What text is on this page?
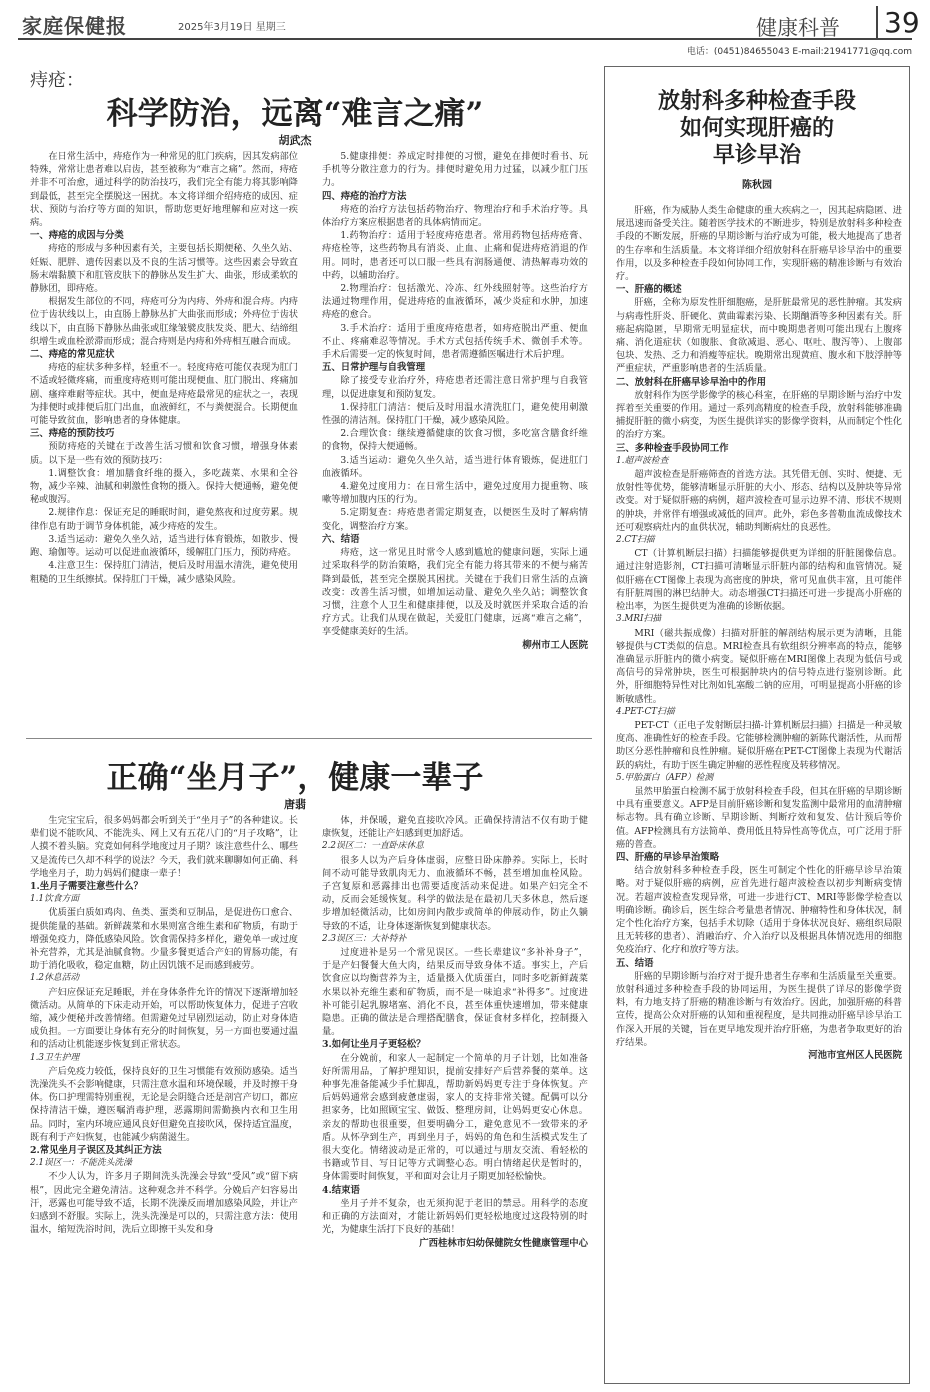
家庭保健报	2025年3月19日 星期三	健康科普 39
电话：(0451)84655043 E-mail:21941771@qq.com
痔疮：
科学防治，远离“难言之痛”
胡武杰

在日常生活中，痔疮作为一种常见的肛门疾病，因其发病部位特殊，常常让患者难以启齿，甚至被称为“难言之痛”。然而，痔疮并非不可治愈，通过科学的防治技巧，我们完全有能力将其影响降到最低，甚至完全摆脱这一困扰。本文将详细介绍痔疮的成因、症状、预防与治疗等方面的知识，帮助您更好地理解和应对这一疾病。

一、痔疮的成因与分类

痔疮的形成与多种因素有关，主要包括长期便秘、久坐久站、妊娠、肥胖、遗传因素以及不良的生活习惯等。这些因素会导致直肠末端黏膜下和肛管皮肤下的静脉丛发生扩大、曲张，形成柔软的静脉团，即痔疮。

根据发生部位的不同，痔疮可分为内痔、外痔和混合痔。内痔位于齿状线以上，由直肠上静脉丛扩大曲张而形成；外痔位于齿状线以下，由直肠下静脉丛曲张或肛缘皱襞皮肤发炎、肥大、结缔组织增生或血栓淤滞而形成；混合痔则是内痔和外痔相互融合而成。

二、痔疮的常见症状

痔疮的症状多种多样，轻重不一。轻度痔疮可能仅表现为肛门不适或轻微疼痛，而重度痔疮则可能出现便血、肛门脱出、疼痛加剧、瘙痒难耐等症状。其中，便血是痔疮最常见的症状之一，表现为排便时或排便后肛门出血，血液鲜红，不与粪便混合。长期便血可能导致贫血，影响患者的身体健康。

三、痔疮的预防技巧

预防痔疮的关键在于改善生活习惯和饮食习惯，增强身体素质。以下是一些有效的预防技巧：

1.调整饮食：增加膳食纤维的摄入，多吃蔬菜、水果和全谷物，减少辛辣、油腻和刺激性食物的摄入。保持大便通畅，避免便秘或腹泻。

2.规律作息：保证充足的睡眠时间，避免熬夜和过度劳累。规律作息有助于调节身体机能，减少痔疮的发生。

3.适当运动：避免久坐久站，适当进行体育锻炼，如散步、慢跑、瑜伽等。运动可以促进血液循环，缓解肛门压力，预防痔疮。

4.注意卫生：保持肛门清洁，便后及时用温水清洗，避免使用粗糙的卫生纸擦拭。保持肛门干燥，减少感染风险。

5.健康排便：养成定时排便的习惯，避免在排便时看书、玩手机等分散注意力的行为。排便时避免用力过猛，以减少肛门压力。

四、痔疮的治疗方法

痔疮的治疗方法包括药物治疗、物理治疗和手术治疗等。具体治疗方案应根据患者的具体病情而定。

1.药物治疗：适用于轻度痔疮患者。常用药物包括痔疮膏、痔疮栓等，这些药物具有消炎、止血、止痛和促进痔疮消退的作用。同时，患者还可以口服一些具有润肠通便、清热解毒功效的中药，以辅助治疗。

2.物理治疗：包括激光、冷冻、红外线照射等。这些治疗方法通过物理作用，促进痔疮的血液循环，减少炎症和水肿，加速痔疮的愈合。

3.手术治疗：适用于重度痔疮患者，如痔疮脱出严重、便血不止、疼痛难忍等情况。手术方式包括传统手术、微创手术等。手术后需要一定的恢复时间，患者需遵循医嘱进行术后护理。

五、日常护理与自我管理

除了接受专业治疗外，痔疮患者还需注意日常护理与自我管理，以促进康复和预防复发。

1.保持肛门清洁：便后及时用温水清洗肛门，避免使用刺激性强的清洁剂。保持肛门干燥，减少感染风险。

2.合理饮食：继续遵循健康的饮食习惯，多吃富含膳食纤维的食物，保持大便通畅。

3.适当运动：避免久坐久站，适当进行体育锻炼，促进肛门血液循环。

4.避免过度用力：在日常生活中，避免过度用力提重物、咳嗽等增加腹内压的行为。

5.定期复查：痔疮患者需定期复查，以便医生及时了解病情变化，调整治疗方案。

六、结语

痔疮，这一常见且时常令人感到尴尬的健康问题，实际上通过采取科学的防治策略，我们完全有能力将其带来的不便与痛苦降到最低，甚至完全摆脱其困扰。关键在于我们日常生活的点滴改变：改善生活习惯，如增加运动量、避免久坐久站；调整饮食习惯，注意个人卫生和健康排便，以及及时就医并采取合适的治疗方式。让我们从现在做起，关爱肛门健康，远离“难言之痛”，享受健康美好的生活。

柳州市工人医院
正确“坐月子”，健康一辈子
唐翡

生完宝宝后，很多妈妈都会听到关于“坐月子”的各种建议。长辈们说不能吹风、不能洗头、网上又有五花八门的“月子攻略”，让人摸不着头脑。究竟如何科学地度过月子期？该注意些什么、哪些又是流传已久却不科学的说法？今天，我们就来聊聊如何正确、科学地坐月子，助力妈妈们健康一辈子！

1.坐月子需要注意些什么？
1.1饮食方面

优质蛋白质如鸡肉、鱼类、蛋类和豆制品，是促进伤口愈合、提供能量的基础。新鲜蔬菜和水果则富含维生素和矿物质，有助于增强免疫力，降低感染风险。饮食需保持多样化，避免单一或过度补充营养，尤其是油腻食物。少量多餐更适合产妇的胃肠功能，有助于消化吸收，稳定血糖，防止因饥饿不足而感到疲劳。

1.2休息活动

产妇应保证充足睡眠，并在身体条件允许的情况下逐渐增加轻微活动。从简单的下床走动开始，可以帮助恢复体力，促进子宫收缩，减少便秘并改善情绪。但需避免过早剧烈运动，防止对身体造成负担。一方面要让身体有充分的时间恢复，另一方面也要通过温和的活动让机能逐步恢复到正常状态。

1.3卫生护理

产后免疫力较低，保持良好的卫生习惯能有效预防感染。适当洗澡洗头不会影响健康，只需注意水温和环境保暖，并及时擦干身体。伤口护理需特别重视，无论是会阴缝合还是剖宫产切口，都应保持清洁干燥，遵医嘱消毒护理，恶露期间需勤换内衣和卫生用品。同时，室内环境应通风良好但避免直接吹风，保持适宜温度，既有利于产妇恢复，也能减少病菌滋生。

2.常见坐月子误区及其纠正方法
2.1误区一：不能洗头洗澡

不少人认为，许多月子期间洗头洗澡会导致“受风”或“留下病根”，因此完全避免清洁。这种观念并不科学。分娩后产妇容易出汗，恶露也可能导致不适，长期不洗澡反而增加感染风险，并让产妇感到不舒服。实际上，洗头洗澡是可以的，只需注意方法：使用温水，缩短洗浴时间，洗后立即擦干头发和身

体，并保暖，避免直接吹冷风。正确保持清洁不仅有助于健康恢复，还能让产妇感到更加舒适。

2.2误区二：一直卧床休息

很多人以为产后身体虚弱，应整日卧床静养。实际上，长时间不动可能导致肌肉无力、血液循环不畅，甚至增加血栓风险。子宫复原和恶露排出也需要适度活动来促进。如果产妇完全不动，反而会延缓恢复。科学的做法是在最初几天多休息，然后逐步增加轻微活动，比如房间内散步或简单的伸展动作，防止久躺导致的不适，让身体逐渐恢复到健康状态。

2.3误区三：大补特补

过度进补是另一个常见误区。一些长辈建议“多补补身子”，于是产妇餐餐大鱼大肉，结果反而导致身体不适。事实上，产后饮食应以均衡营养为主，适量摄入优质蛋白，同时多吃新鲜蔬菜水果以补充维生素和矿物质，而不是一味追求“补得多”。过度进补可能引起乳腺堵塞、消化不良，甚至体重快速增加，带来健康隐患。正确的做法是合理搭配膳食，保证食材多样化，控制摄入量。

3.如何让坐月子更轻松？

在分娩前，和家人一起制定一个简单的月子计划，比如准备好所需用品，了解护理知识，提前安排好产后营养餐的菜单。这种事先准备能减少手忙脚乱，帮助新妈妈更专注于身体恢复。产后妈妈通常会感到疲惫虚弱，家人的支持非常关键。配偶可以分担家务，比如照顾宝宝、做饭、整理房间，让妈妈更安心休息。亲友的帮助也很重要，但要明确分工，避免意见不一致带来的矛盾。从怀孕到生产，再到坐月子，妈妈的角色和生活模式发生了很大变化。情绪波动是正常的，可以通过与朋友交流、看轻松的书籍或节目、写日记等方式调整心态。明白情绪起伏是暂时的，身体需要时间恢复，平和面对会让月子期更加轻松愉快。

4.结束语

坐月子并不复杂，也无须拘泥于老旧的禁忌。用科学的态度和正确的方法面对，才能让新妈妈们更轻松地度过这段特别的时光，为健康生活打下良好的基础！

广西桂林市妇幼保健院女性健康管理中心
放射科多种检查手段
如何实现肝癌的
早诊早治
陈秋园

肝癌，作为威胁人类生命健康的重大疾病之一，因其起病隐匿、进展迅速而备受关注。随着医学技术的不断进步，特别是放射科多种检查手段的不断发展，肝癌的早期诊断与治疗成为可能，极大地提高了患者的生存率和生活质量。本文将详细介绍放射科在肝癌早诊早治中的重要作用，以及多种检查手段如何协同工作，实现肝癌的精准诊断与有效治疗。

一、肝癌的概述

肝癌，全称为原发性肝细胞癌，是肝脏最常见的恶性肿瘤。其发病与病毒性肝炎、肝硬化、黄曲霉素污染、长期酗酒等多种因素有关。肝癌起病隐匿，早期常无明显症状，而中晚期患者则可能出现右上腹疼痛、消化道症状（如腹胀、食欲减退、恶心、呕吐、腹泻等）、上腹部包块、发热、乏力和消瘦等症状。晚期常出现黄疸、腹水和下肢浮肿等严重症状，严重影响患者的生活质量。

二、放射科在肝癌早诊早治中的作用

放射科作为医学影像学的核心科室，在肝癌的早期诊断与治疗中发挥着至关重要的作用。通过一系列高精度的检查手段，放射科能够准确捕捉肝脏的微小病变，为医生提供详实的影像学资料，从而制定个性化的治疗方案。

三、多种检查手段协同工作
1.超声波检查

超声波检查是肝癌筛查的首选方法。其凭借无创、实时、便捷、无放射性等优势，能够清晰显示肝脏的大小、形态、结构以及肿块等异常改变。对于疑似肝癌的病例，超声波检查可显示边界不清、形状不规则的肿块，并常伴有增强或减低的回声。此外，彩色多普勒血流成像技术还可观察病灶内的血供状况，辅助判断病灶的良恶性。

2.CT扫描

CT（计算机断层扫描）扫描能够提供更为详细的肝脏图像信息。通过注射造影剂，CT扫描可清晰显示肝脏内部的结构和血管情况。疑似肝癌在CT图像上表现为高密度的肿块，常可见血供丰富，且可能伴有肝脏周围的淋巴结肿大。动态增强CT扫描还可进一步提高小肝癌的检出率，为医生提供更为准确的诊断依据。

3.MRI扫描

MRI（磁共振成像）扫描对肝脏的解剖结构展示更为清晰，且能够提供与CT类似的信息。MRI检查具有软组织分辨率高的特点，能够准确显示肝脏内的微小病变。疑似肝癌在MRI图像上表现为低信号或高信号的异常肿块，医生可根据肿块内的信号特点进行鉴别诊断。此外，肝细胞特异性对比剂如钆塞酸二钠的应用，可明显提高小肝癌的诊断敏感性。

4.PET-CT扫描

PET-CT（正电子发射断层扫描-计算机断层扫描）扫描是一种灵敏度高、准确性好的检查手段。它能够检测肿瘤的新陈代谢活性，从而帮助区分恶性肿瘤和良性肿瘤。疑似肝癌在PET-CT图像上表现为代谢活跃的病灶，有助于医生确定肿瘤的恶性程度及转移情况。

5.甲胎蛋白（AFP）检测

虽然甲胎蛋白检测不属于放射科检查手段，但其在肝癌的早期诊断中具有重要意义。AFP是目前肝癌诊断和复发监测中最常用的血清肿瘤标志物。具有确立诊断、早期诊断、判断疗效和复发、估计预后等价值。AFP检测具有方法简单、费用低且特异性高等优点，可广泛用于肝癌的普查。

四、肝癌的早诊早治策略

结合放射科多种检查手段，医生可制定个性化的肝癌早诊早治策略。对于疑似肝癌的病例，应首先进行超声波检查以初步判断病变情况。若超声波检查发现异常，可进一步进行CT、MRI等影像学检查以明确诊断。确诊后，医生综合考量患者情况、肿瘤特性和身体状况，制定个性化治疗方案，包括手术切除（适用于身体状况良好、癌组织局限且无转移的患者）、消融治疗、介入治疗以及根据具体情况选用的细胞免疫治疗、化疗和放疗等方法。

五、结语

肝癌的早期诊断与治疗对于提升患者生存率和生活质量至关重要。放射科通过多种检查手段的协同运用，为医生提供了详尽的影像学资料，有力地支持了肝癌的精准诊断与有效治疗。因此，加强肝癌的科普宣传，提高公众对肝癌的认知和重视程度，是共同推动肝癌早诊早治工作深入开展的关键，旨在更早地发现并治疗肝癌，为患者争取更好的治疗结果。

河池市宜州区人民医院
